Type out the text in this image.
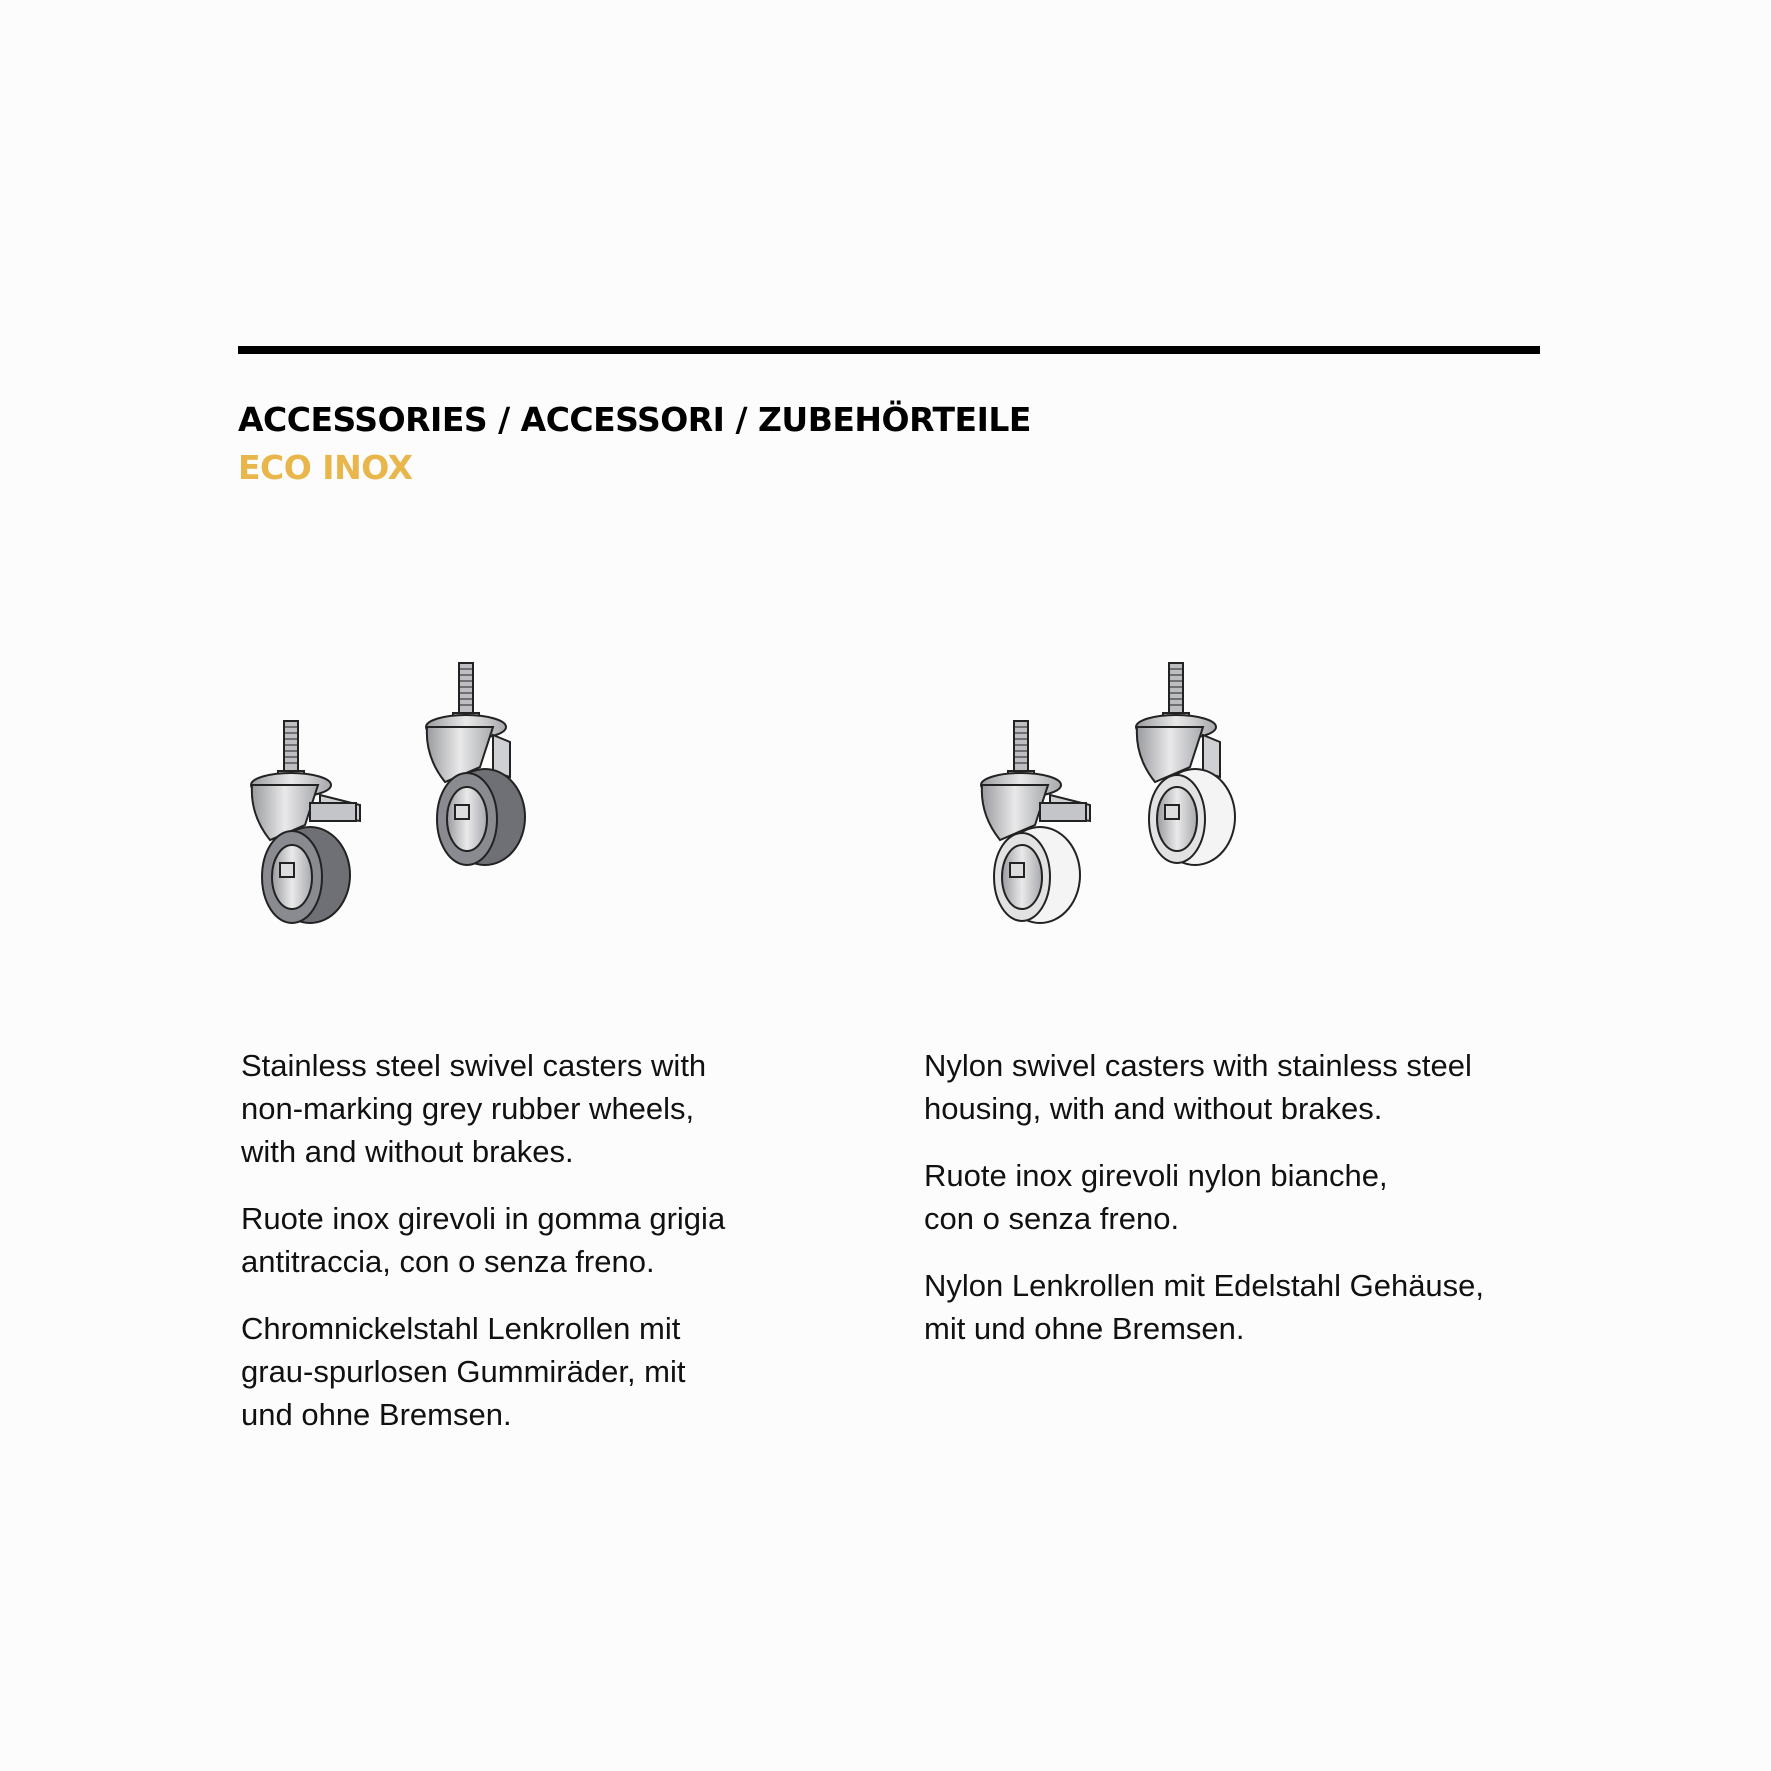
ACCESSORIES / ACCESSORI / ZUBEHÖRTEILE
ECO INOX

Stainless steel swivel casters with
non-marking grey rubber wheels,
with and without brakes.

Ruote inox girevoli in gomma grigia
antitraccia, con o senza freno.

Chromnickelstahl Lenkrollen mit
grau-spurlosen Gummiräder, mit
und ohne Bremsen.

Nylon swivel casters with stainless steel
housing, with and without brakes.

Ruote inox girevoli nylon bianche,
con o senza freno.

Nylon Lenkrollen mit Edelstahl Gehäuse,
mit und ohne Bremsen.
